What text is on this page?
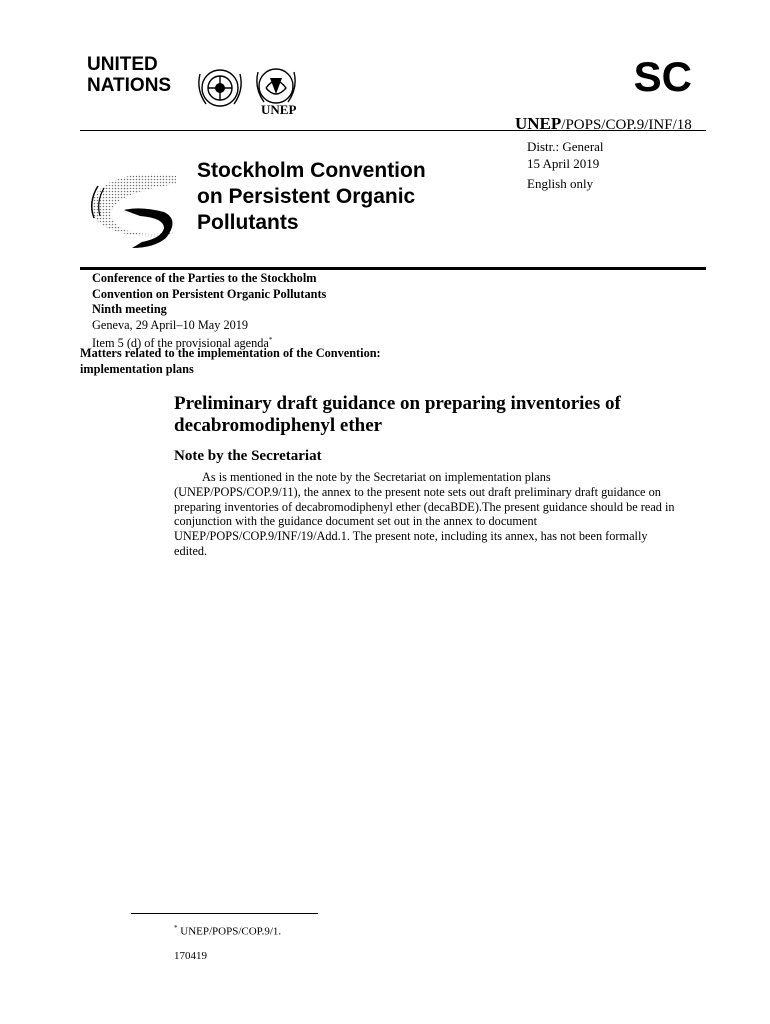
UNITED
NATIONS
UNEP
SC
UNEP/POPS/COP.9/INF/18
Distr.: General
15 April 2019
English only
Stockholm Convention
on Persistent Organic
Pollutants
Conference of the Parties to the Stockholm
Convention on Persistent Organic Pollutants
Ninth meeting
Geneva, 29 April–10 May 2019
Item 5 (d) of the provisional agenda*
Matters related to the implementation of the Convention:
implementation plans
Preliminary draft guidance on preparing inventories of
decabromodiphenyl ether
Note by the Secretariat
As is mentioned in the note by the Secretariat on implementation plans
(UNEP/POPS/COP.9/11), the annex to the present note sets out draft preliminary draft guidance on
preparing inventories of decabromodiphenyl ether (decaBDE).The present guidance should be read in
conjunction with the guidance document set out in the annex to document
UNEP/POPS/COP.9/INF/19/Add.1. The present note, including its annex, has not been formally
edited.
* UNEP/POPS/COP.9/1.
170419
